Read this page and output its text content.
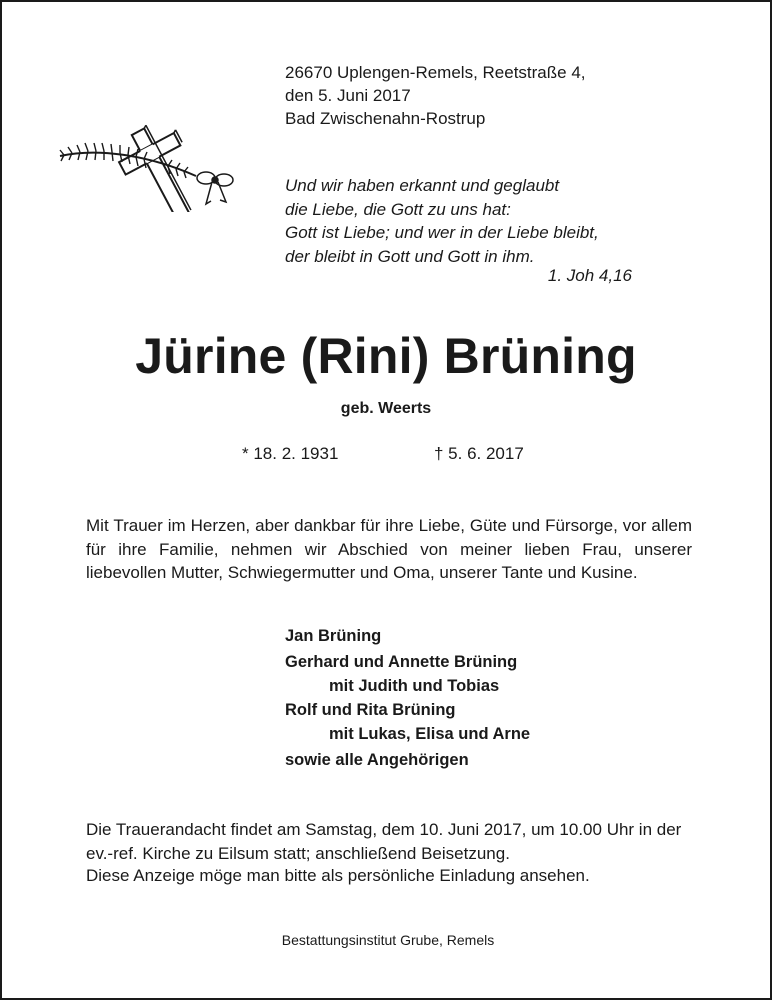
26670 Uplengen-Remels, Reetstraße 4,
den 5. Juni 2017
Bad Zwischenahn-Rostrup
Und wir haben erkannt und geglaubt
die Liebe, die Gott zu uns hat:
Gott ist Liebe; und wer in der Liebe bleibt,
der bleibt in Gott und Gott in ihm.
1. Joh 4,16
Jürine (Rini) Brüning
geb. Weerts
* 18. 2. 1931	† 5. 6. 2017
Mit Trauer im Herzen, aber dankbar für ihre Liebe, Güte und Fürsorge, vor allem für ihre Familie, nehmen wir Abschied von meiner lieben Frau, unserer liebevollen Mutter, Schwiegermutter und Oma, unserer Tante und Kusine.
Jan Brüning
Gerhard und Annette Brüning
mit Judith und Tobias
Rolf und Rita Brüning
mit Lukas, Elisa und Arne
sowie alle Angehörigen
Die Trauerandacht findet am Samstag, dem 10. Juni 2017, um 10.00 Uhr in der ev.-ref. Kirche zu Eilsum statt; anschließend Beisetzung.
Diese Anzeige möge man bitte als persönliche Einladung ansehen.
Bestattungsinstitut Grube, Remels
